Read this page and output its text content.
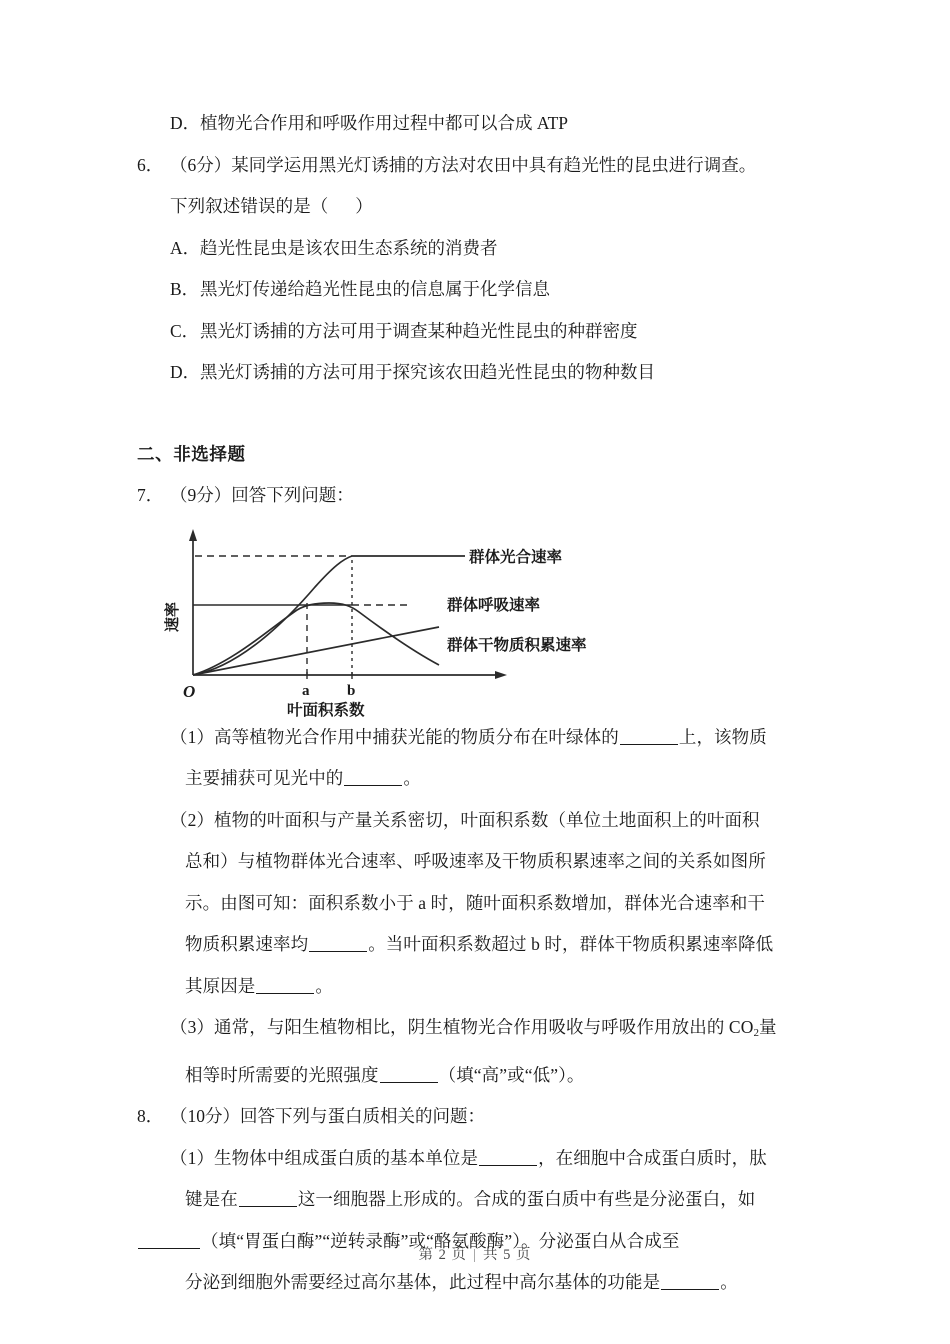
D． 植物光合作用和呼吸作用过程中都可以合成 ATP
6． （6分）某同学运用黑光灯诱捕的方法对农田中具有趋光性的昆虫进行调查。
下列叙述错误的是（      ）
A． 趋光性昆虫是该农田生态系统的消费者
B． 黑光灯传递给趋光性昆虫的信息属于化学信息
C． 黑光灯诱捕的方法可用于调查某种趋光性昆虫的种群密度
D． 黑光灯诱捕的方法可用于探究该农田趋光性昆虫的物种数目
二、非选择题
7． （9分）回答下列问题：
O	a	b
叶面积系数
速率
群体光合速率
群体呼吸速率
群体干物质积累速率
（1）高等植物光合作用中捕获光能的物质分布在叶绿体的	上，该物质
主要捕获可见光中的	。
（2）植物的叶面积与产量关系密切，叶面积系数（单位土地面积上的叶面积
总和）与植物群体光合速率、呼吸速率及干物质积累速率之间的关系如图所
示。由图可知：面积系数小于 a 时，随叶面积系数增加，群体光合速率和干
物质积累速率均	。当叶面积系数超过 b 时，群体干物质积累速率降低
其原因是	。
（3）通常，与阳生植物相比，阴生植物光合作用吸收与呼吸作用放出的 $CO_2$量
相等时所需要的光照强度	（填“高”或“低”）。
8． （10分）回答下列与蛋白质相关的问题：
（1）生物体中组成蛋白质的基本单位是	，在细胞中合成蛋白质时，肽
键是在	这一细胞器上形成的。合成的蛋白质中有些是分泌蛋白，如
（填“胃蛋白酶”“逆转录酶”或“酪氨酸酶”）。分泌蛋白从合成至
分泌到细胞外需要经过高尔基体，此过程中高尔基体的功能是	。
第 2 页 | 共 5 页
